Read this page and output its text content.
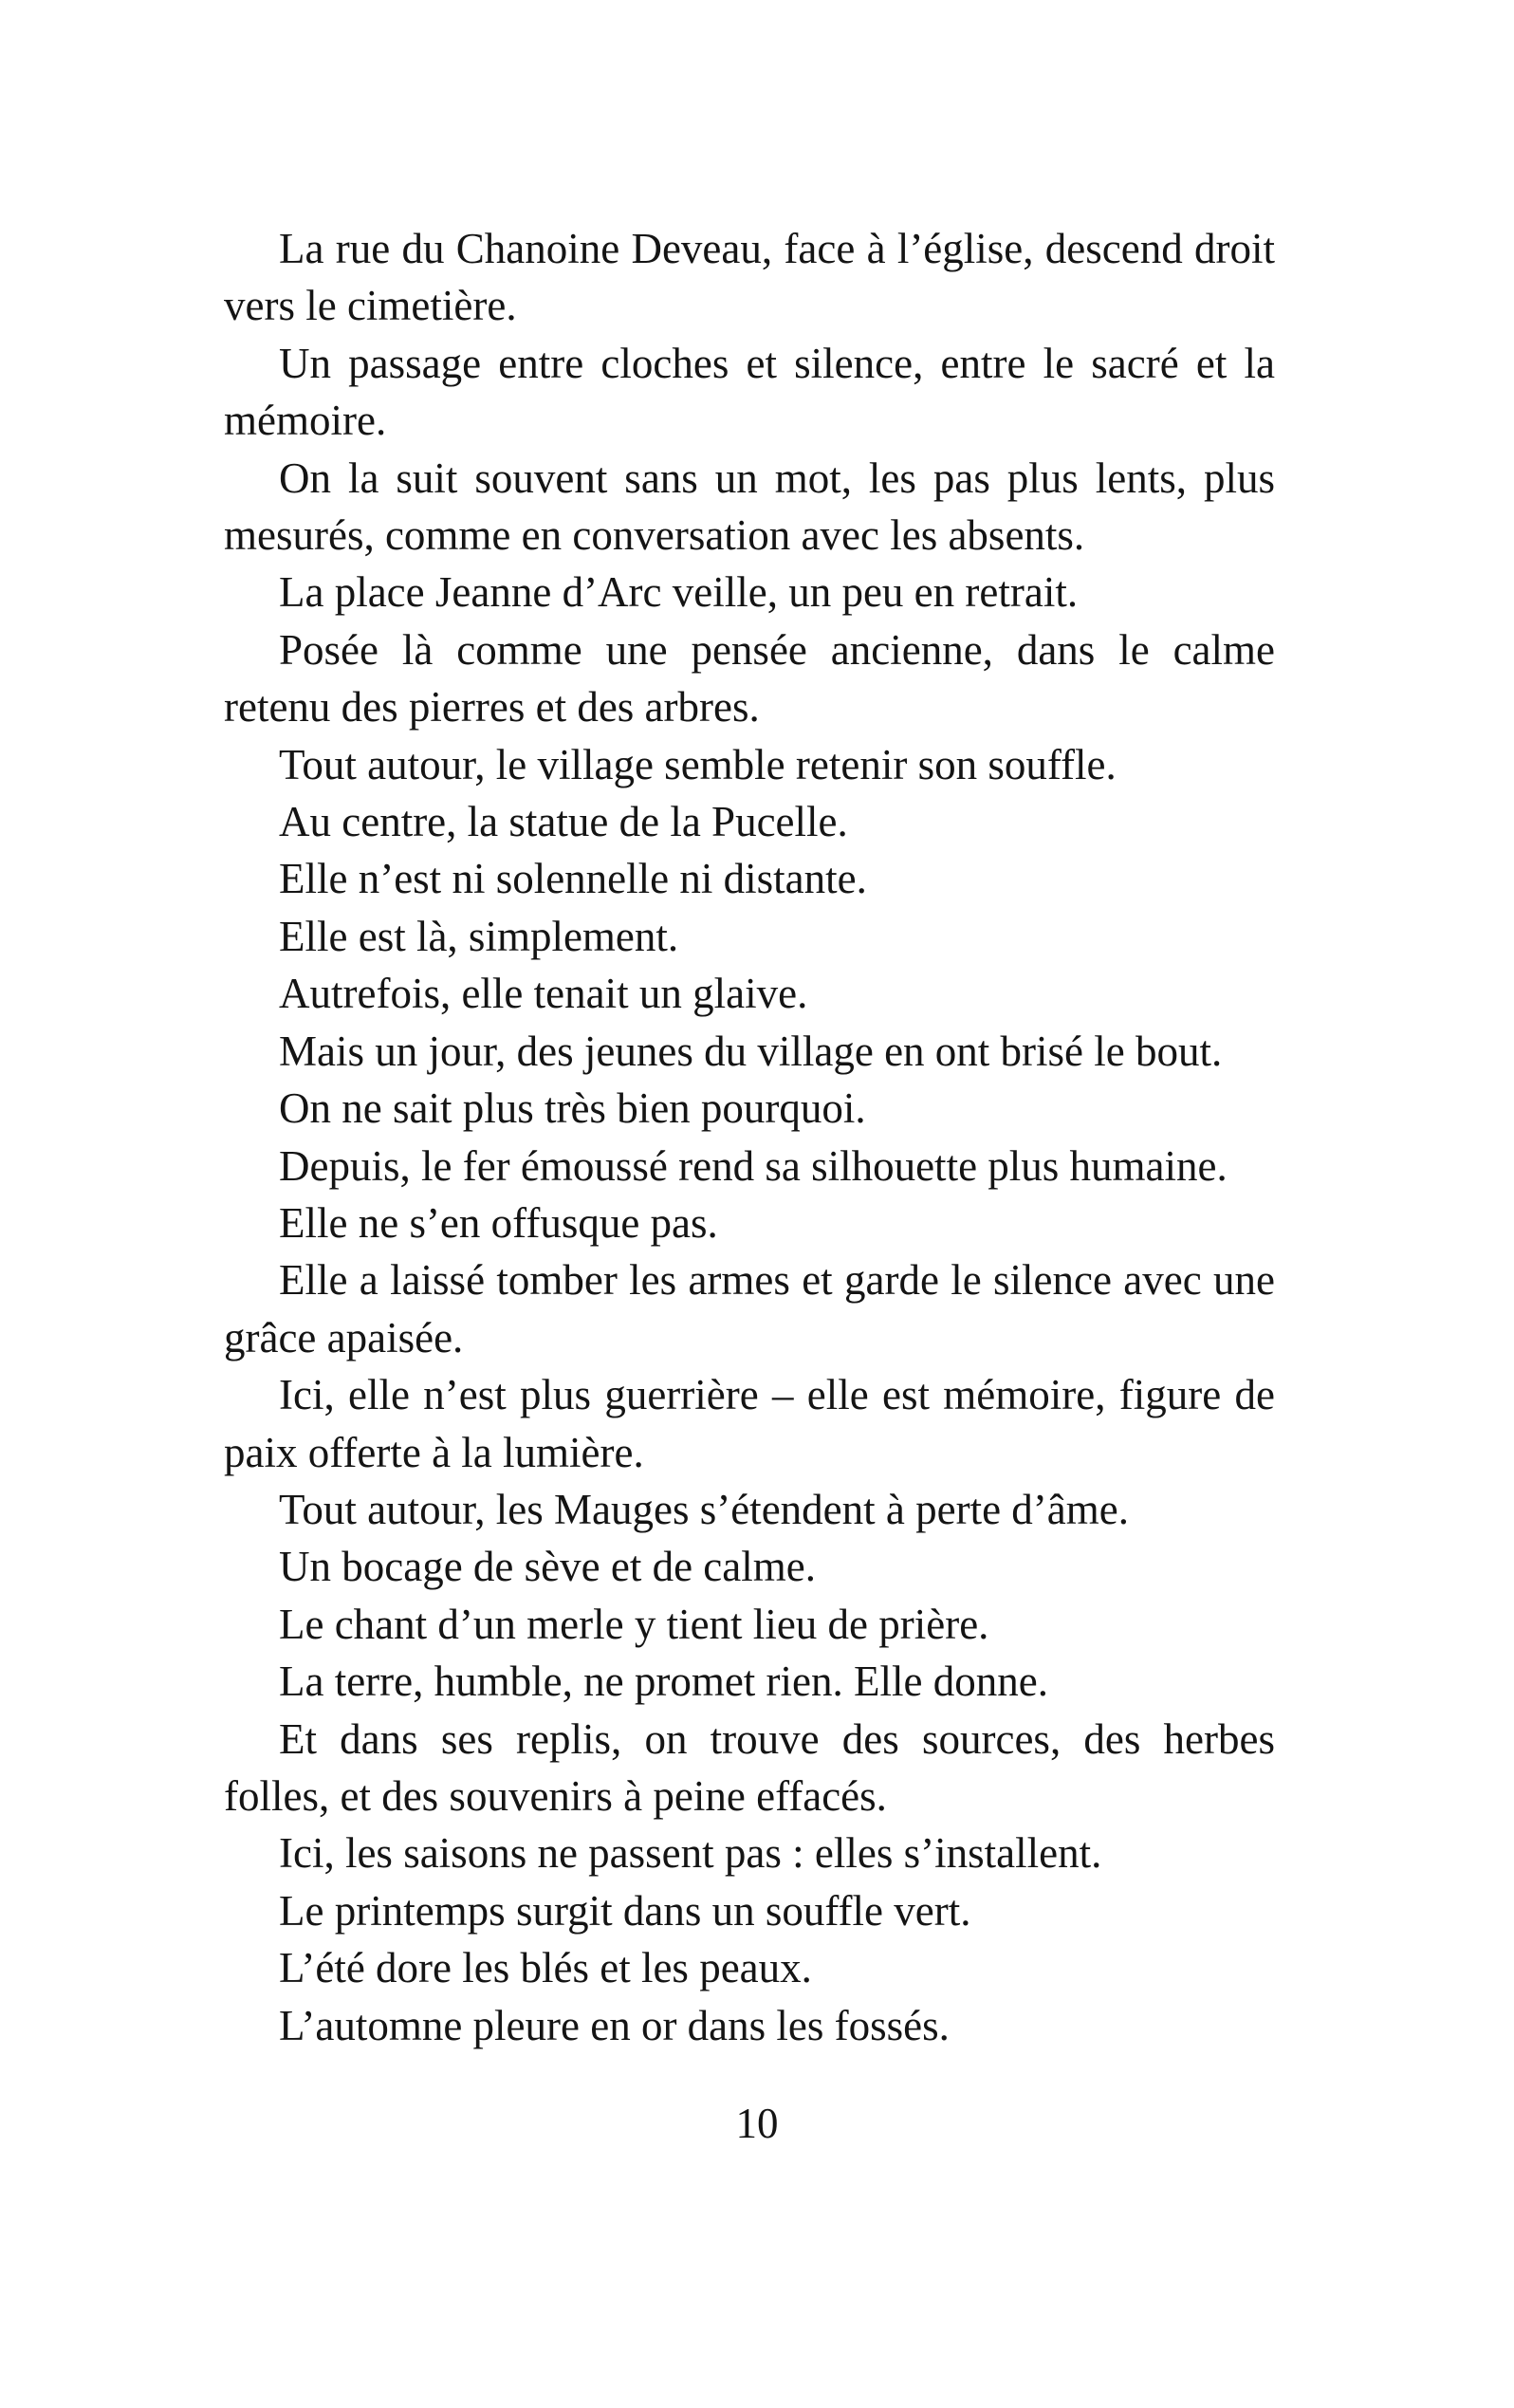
La rue du Chanoine Deveau, face à l’église, descend droit vers le cimetière.

Un passage entre cloches et silence, entre le sacré et la mémoire.

On la suit souvent sans un mot, les pas plus lents, plus mesurés, comme en conversation avec les absents.

La place Jeanne d’Arc veille, un peu en retrait.

Posée là comme une pensée ancienne, dans le calme retenu des pierres et des arbres.

Tout autour, le village semble retenir son souffle.

Au centre, la statue de la Pucelle.

Elle n’est ni solennelle ni distante.

Elle est là, simplement.

Autrefois, elle tenait un glaive.

Mais un jour, des jeunes du village en ont brisé le bout.

On ne sait plus très bien pourquoi.

Depuis, le fer émoussé rend sa silhouette plus humaine.

Elle ne s’en offusque pas.

Elle a laissé tomber les armes et garde le silence avec une grâce apaisée.

Ici, elle n’est plus guerrière – elle est mémoire, figure de paix offerte à la lumière.

Tout autour, les Mauges s’étendent à perte d’âme.

Un bocage de sève et de calme.

Le chant d’un merle y tient lieu de prière.

La terre, humble, ne promet rien. Elle donne.

Et dans ses replis, on trouve des sources, des herbes folles, et des souvenirs à peine effacés.

Ici, les saisons ne passent pas : elles s’installent.

Le printemps surgit dans un souffle vert.

L’été dore les blés et les peaux.

L’automne pleure en or dans les fossés.

10
